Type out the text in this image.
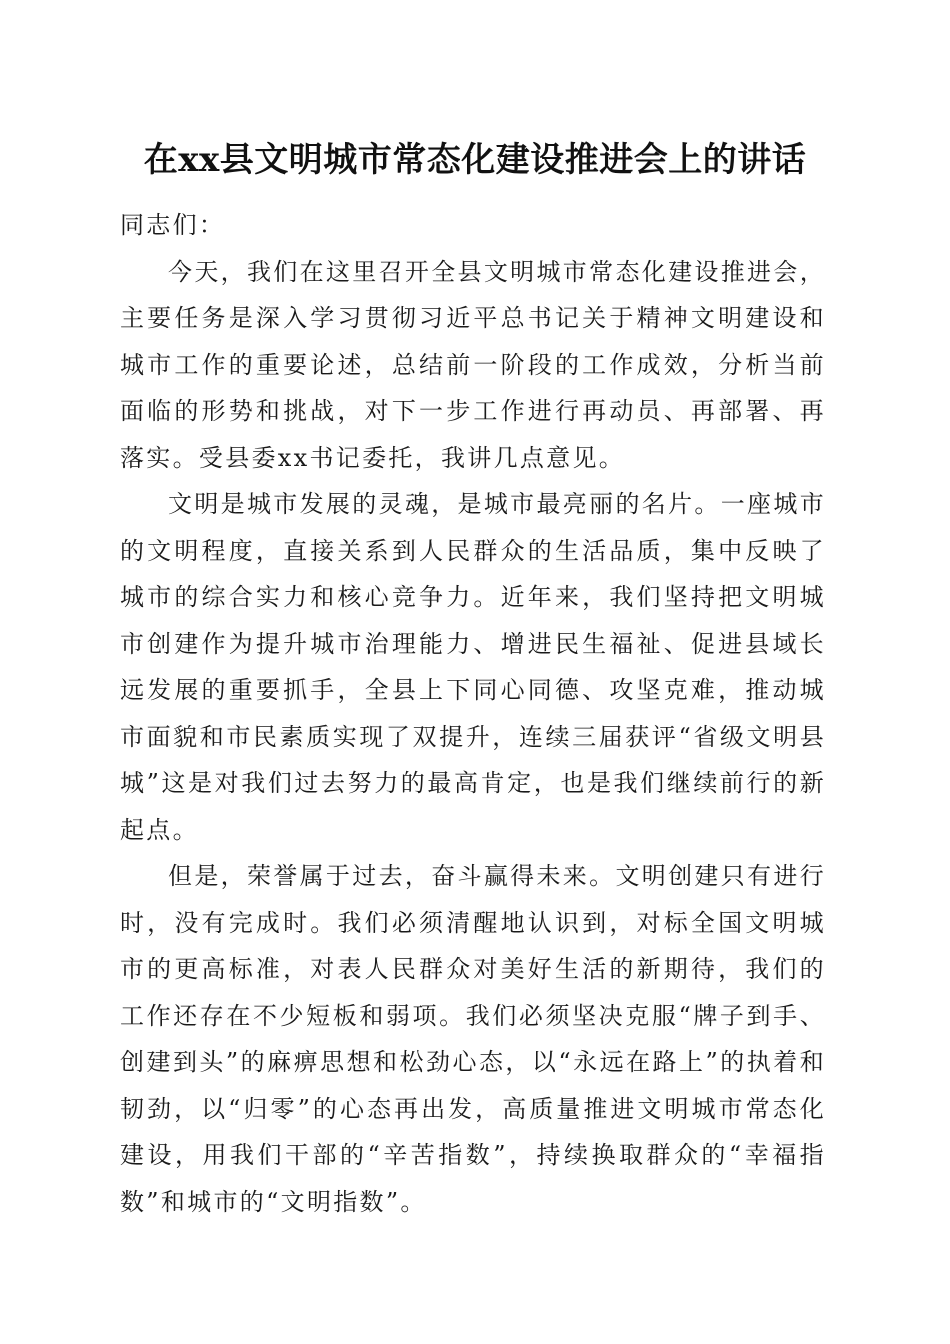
在xx县文明城市常态化建设推进会上的讲话

同志们：

今天，我们在这里召开全县文明城市常态化建设推进会，主要任务是深入学习贯彻习近平总书记关于精神文明建设和城市工作的重要论述，总结前一阶段的工作成效，分析当前面临的形势和挑战，对下一步工作进行再动员、再部署、再落实。受县委xx书记委托，我讲几点意见。

文明是城市发展的灵魂，是城市最亮丽的名片。一座城市的文明程度，直接关系到人民群众的生活品质，集中反映了城市的综合实力和核心竞争力。近年来，我们坚持把文明城市创建作为提升城市治理能力、增进民生福祉、促进县域长远发展的重要抓手，全县上下同心同德、攻坚克难，推动城市面貌和市民素质实现了双提升，连续三届获评“省级文明县城”这是对我们过去努力的最高肯定，也是我们继续前行的新起点。

但是，荣誉属于过去，奋斗赢得未来。文明创建只有进行时，没有完成时。我们必须清醒地认识到，对标全国文明城市的更高标准，对表人民群众对美好生活的新期待，我们的工作还存在不少短板和弱项。我们必须坚决克服“牌子到手、创建到头”的麻痹思想和松劲心态，以“永远在路上”的执着和韧劲，以“归零”的心态再出发，高质量推进文明城市常态化建设，用我们干部的“辛苦指数”，持续换取群众的“幸福指数”和城市的“文明指数”。
